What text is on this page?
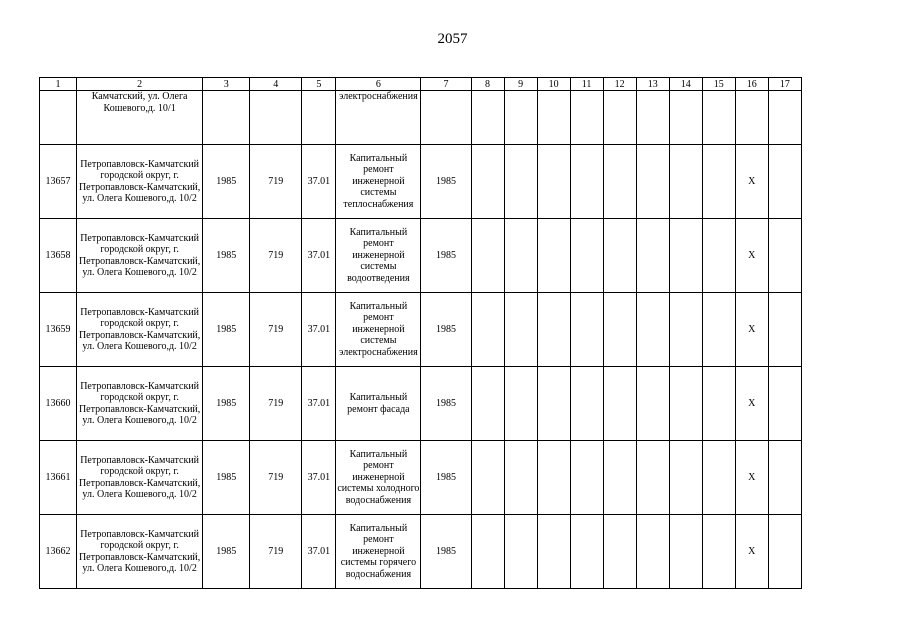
2057
1	2	3	4	5	6	7	8	9	10	11	12	13	14	15	16	17
	Камчатский, ул. Олега Кошевого,д. 10/1				электроснабжения											
13657	Петропавловск-Камчатский городской округ, г. Петропавловск-Камчатский, ул. Олега Кошевого,д. 10/2	1985	719	37.01	Капитальный ремонт инженерной системы теплоснабжения	1985									X	
13658	Петропавловск-Камчатский городской округ, г. Петропавловск-Камчатский, ул. Олега Кошевого,д. 10/2	1985	719	37.01	Капитальный ремонт инженерной системы водоотведения	1985									X	
13659	Петропавловск-Камчатский городской округ, г. Петропавловск-Камчатский, ул. Олега Кошевого,д. 10/2	1985	719	37.01	Капитальный ремонт инженерной системы электроснабжения	1985									X	
13660	Петропавловск-Камчатский городской округ, г. Петропавловск-Камчатский, ул. Олега Кошевого,д. 10/2	1985	719	37.01	Капитальный ремонт фасада	1985									X	
13661	Петропавловск-Камчатский городской округ, г. Петропавловск-Камчатский, ул. Олега Кошевого,д. 10/2	1985	719	37.01	Капитальный ремонт инженерной системы холодного водоснабжения	1985									X	
13662	Петропавловск-Камчатский городской округ, г. Петропавловск-Камчатский, ул. Олега Кошевого,д. 10/2	1985	719	37.01	Капитальный ремонт инженерной системы горячего водоснабжения	1985									X	
